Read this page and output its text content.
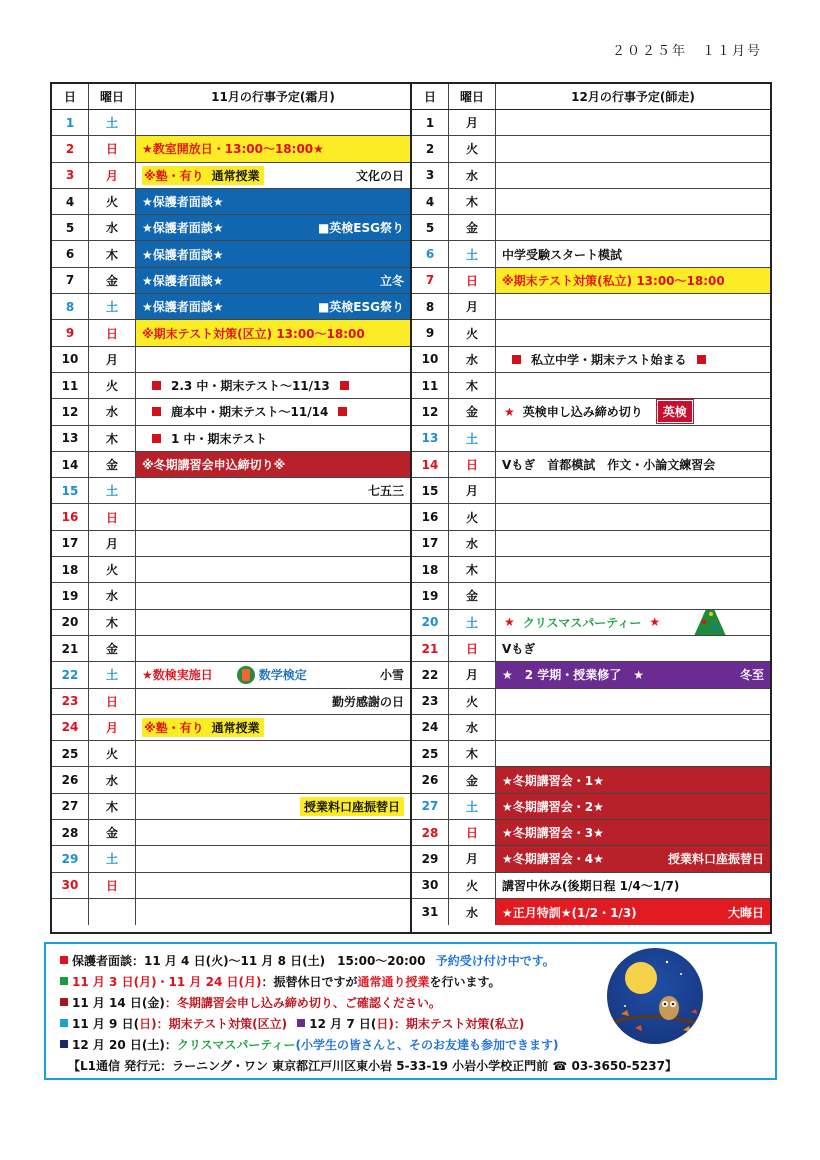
２０２５年　１１月号
日	曜日	11月の行事予定(霜月)
1	土
2	日	★教室開放日・13:00～18:00★
3	月	※塾・有り 通常授業	文化の日
4	火	★保護者面談★
5	水	★保護者面談★	■英検ESG祭り
6	木	★保護者面談★
7	金	★保護者面談★	立冬
8	土	★保護者面談★	■英検ESG祭り
9	日	※期末テスト対策(区立) 13:00～18:00
10	月
11	火	2.3 中・期末テスト～11/13
12	水	鹿本中・期末テスト～11/14
13	木	1 中・期末テスト
14	金	※冬期講習会申込締切り※
15	土	七五三
16	日
17	月
18	火
19	水
20	木
21	金
22	土	★数検実施日	数学検定	小雪
23	日	勤労感謝の日
24	月	※塾・有り 通常授業
25	火
26	水
27	木	授業料口座振替日
28	金
29	土
30	日
日	曜日	12月の行事予定(師走)
1	月
2	火
3	水
4	木
5	金
6	土	中学受験スタート模試
7	日	※期末テスト対策(私立) 13:00～18:00
8	月
9	火
10	水	私立中学・期末テスト始まる
11	木
12	金	★ 英検申し込み締め切り	英検
13	土
14	日	Vもぎ　首都模試　作文・小論文練習会
15	月
16	火
17	水
18	木
19	金
20	土	★ クリスマスパーティー ★
21	日	Vもぎ
22	月	★　2 学期・授業修了　★	冬至
23	火
24	水
25	木
26	金	★冬期講習会・1★
27	土	★冬期講習会・2★
28	日	★冬期講習会・3★
29	月	★冬期講習会・4★	授業料口座振替日
30	火	講習中休み(後期日程 1/4～1/7)
31	水	★正月特訓★(1/2・1/3)	大晦日
保護者面談：11 月 4 日(火)～11 月 8 日(土)　15:00～20:00 予約受け付け中です。
11 月 3 日(月)・11 月 24 日(月)：振替休日ですが通常通り授業を行います。
11 月 14 日(金)：冬期講習会申し込み締め切り、ご確認ください。
11 月 9 日(日)：期末テスト対策(区立) 12 月 7 日(日)：期末テスト対策(私立)
12 月 20 日(土)：クリスマスパーティー(小学生の皆さんと、そのお友達も参加できます)
【L1通信 発行元：ラーニング・ワン 東京都江戸川区東小岩 5-33-19 小岩小学校正門前 ☎ 03-3650-5237】
